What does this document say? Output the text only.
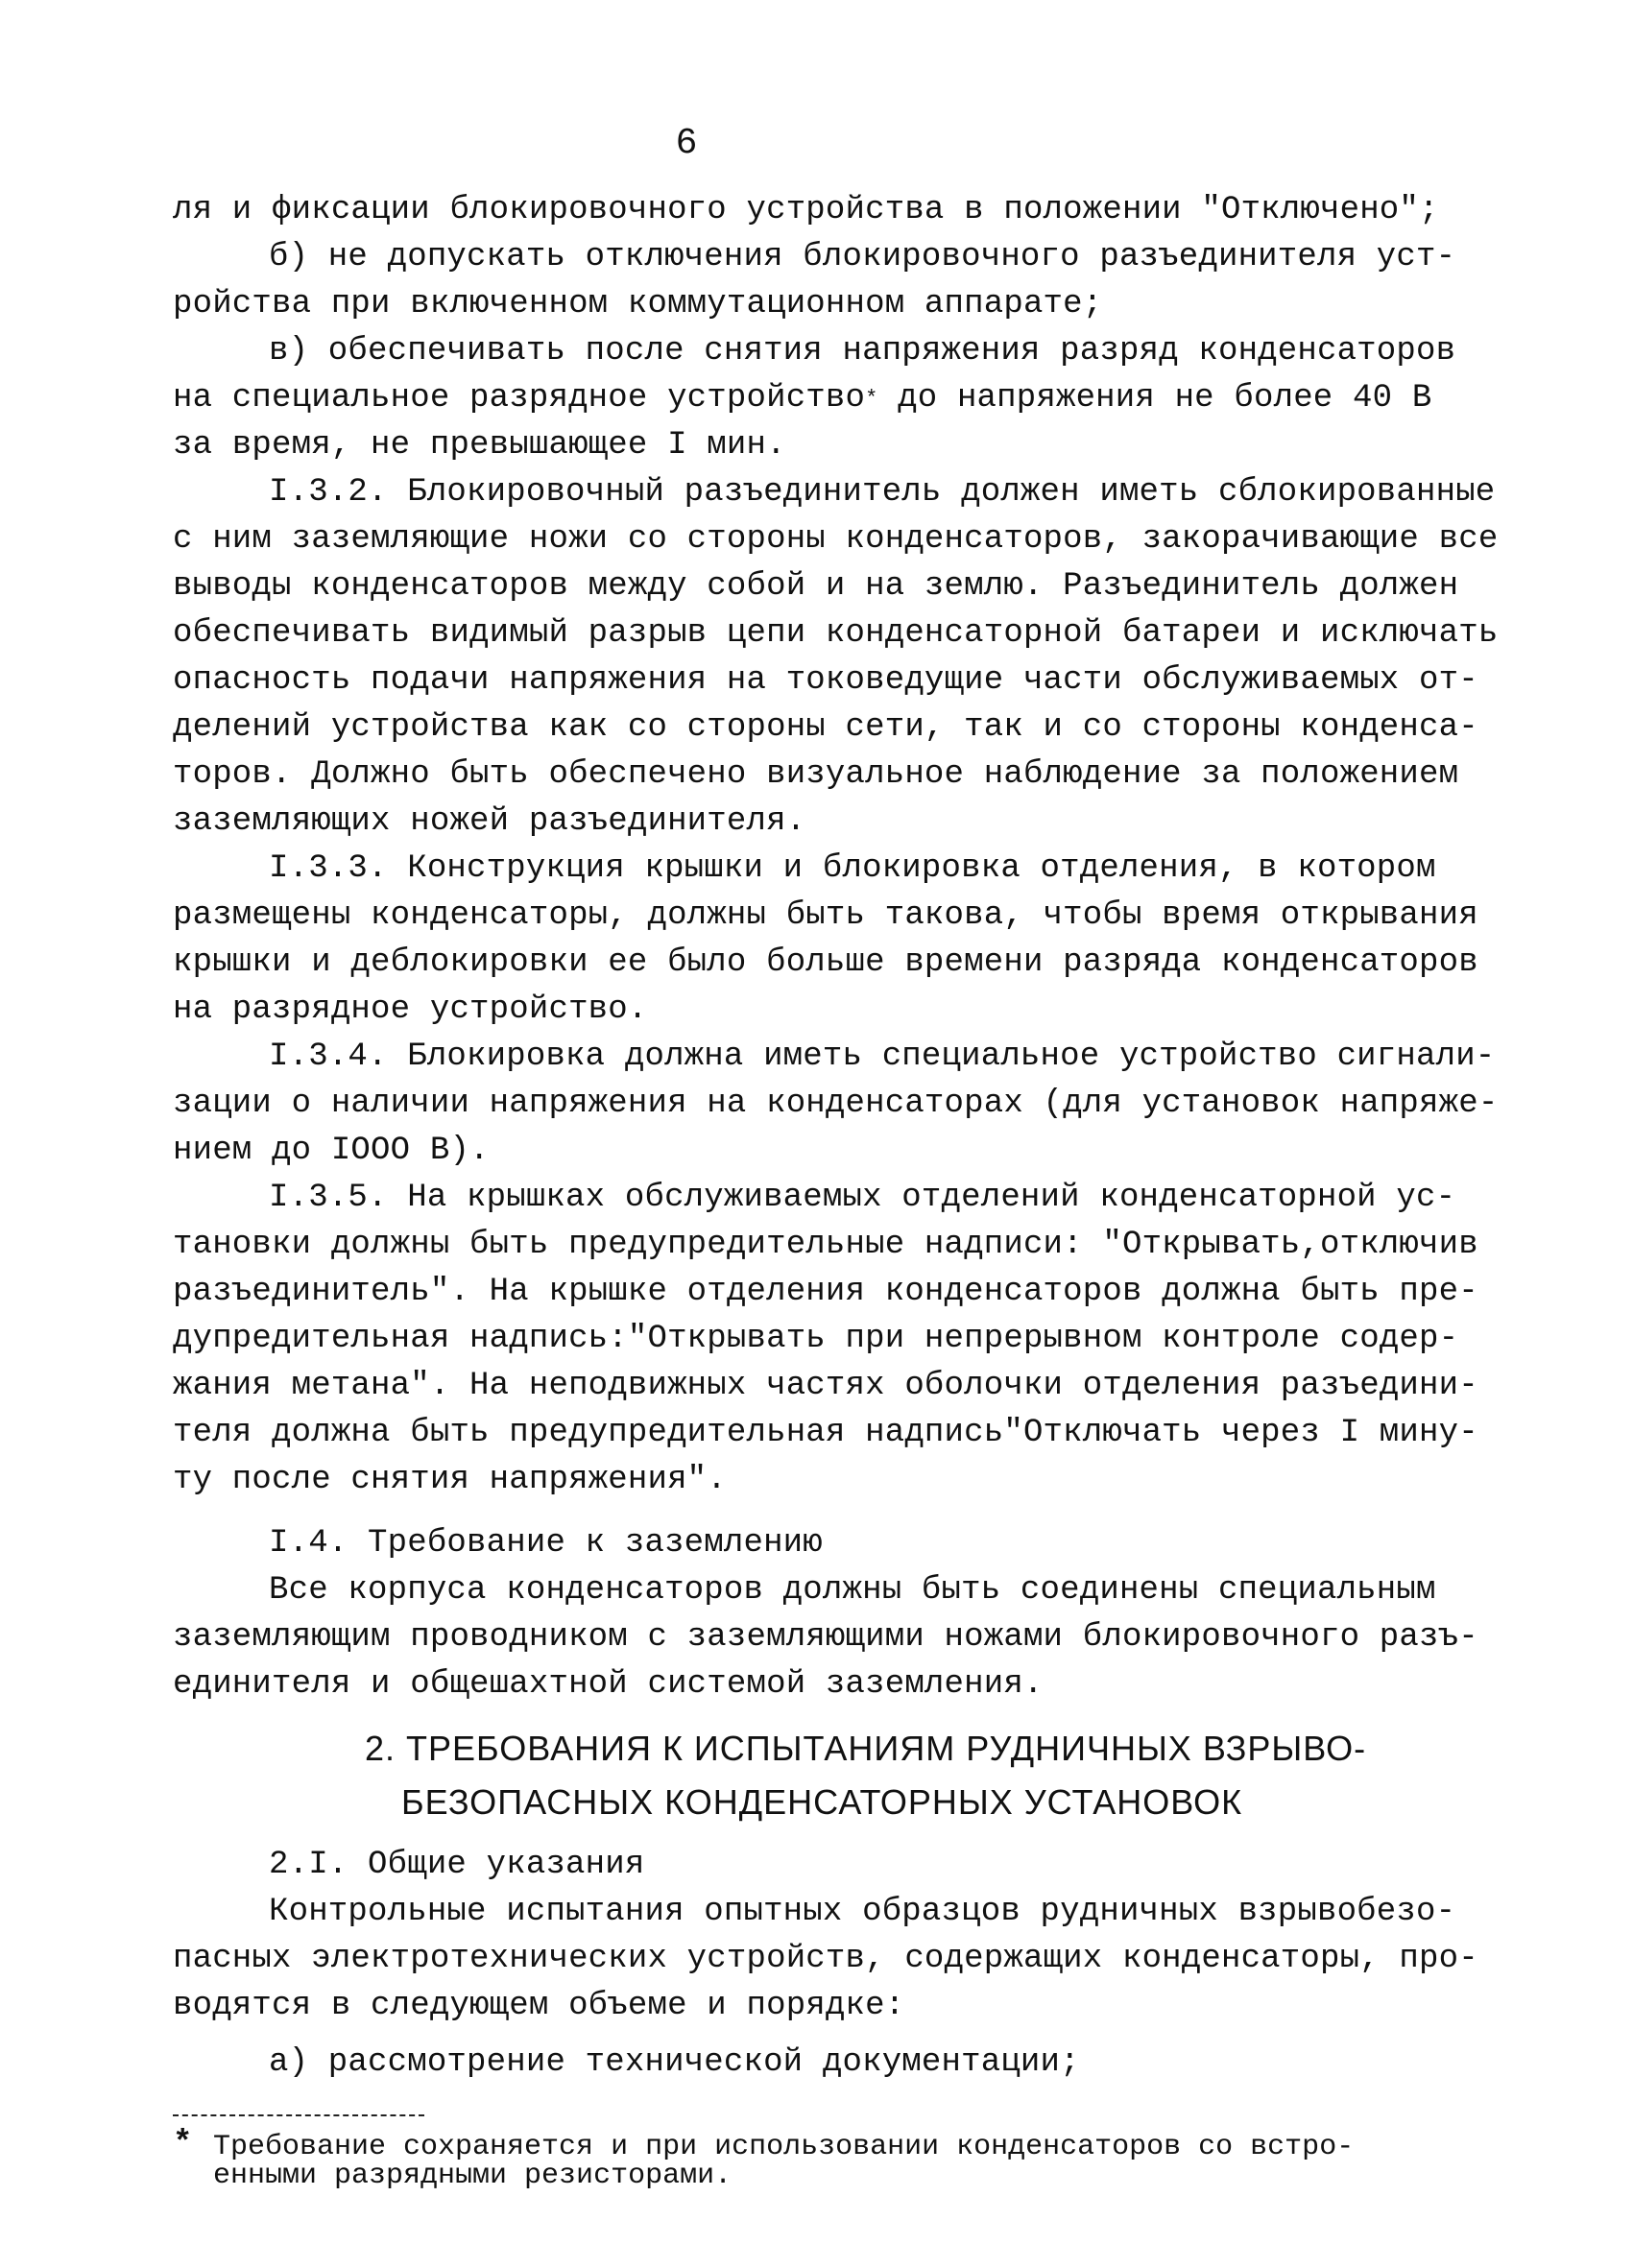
6
ля и фиксации блокировочного устройства в положении "Отключено";
б) не допускать отключения блокировочного разъединителя уст-
ройства при включенном коммутационном аппарате;
в) обеспечивать после снятия напряжения разряд конденсаторов
на специальное разрядное устройство* до напряжения не более 40 В
за время, не превышающее I мин.
I.3.2. Блокировочный разъединитель должен иметь сблокированные
с ним заземляющие ножи со стороны конденсаторов, закорачивающие все
выводы конденсаторов между собой и на землю. Разъединитель должен
обеспечивать видимый разрыв цепи конденсаторной батареи и исключать
опасность подачи напряжения на токоведущие части обслуживаемых от-
делений устройства как со стороны сети, так и со стороны конденса-
торов. Должно быть обеспечено визуальное наблюдение за положением
заземляющих ножей разъединителя.
I.3.3. Конструкция крышки и блокировка отделения, в котором
размещены конденсаторы, должны быть такова, чтобы время открывания
крышки и деблокировки ее было больше времени разряда конденсаторов
на разрядное устройство.
I.3.4. Блокировка должна иметь специальное устройство сигнали-
зации о наличии напряжения на конденсаторах (для установок напряже-
нием до IOOO В).
I.3.5. На крышках обслуживаемых отделений конденсаторной ус-
тановки должны быть предупредительные надписи: "Открывать,отключив
разъединитель". На крышке отделения конденсаторов должна быть пре-
дупредительная надпись:"Открывать при непрерывном контроле содер-
жания метана". На неподвижных частях оболочки отделения разъедини-
теля должна быть предупредительная надпись"Отключать через I мину-
ту после снятия напряжения".
I.4. Требование к заземлению
Все корпуса конденсаторов должны быть соединены специальным
заземляющим проводником с заземляющими ножами блокировочного разъ-
единителя и общешахтной системой заземления.
2. ТРЕБОВАНИЯ К ИСПЫТАНИЯМ РУДНИЧНЫХ ВЗРЫВО-
БЕЗОПАСНЫХ КОНДЕНСАТОРНЫХ УСТАНОВОК
2.I. Общие указания
Контрольные испытания опытных образцов рудничных взрывобезо-
пасных электротехнических устройств, содержащих конденсаторы, про-
водятся в следующем объеме и порядке:
а) рассмотрение технической документации;
* Требование сохраняется и при использовании конденсаторов со встро-
енными разрядными резисторами.
